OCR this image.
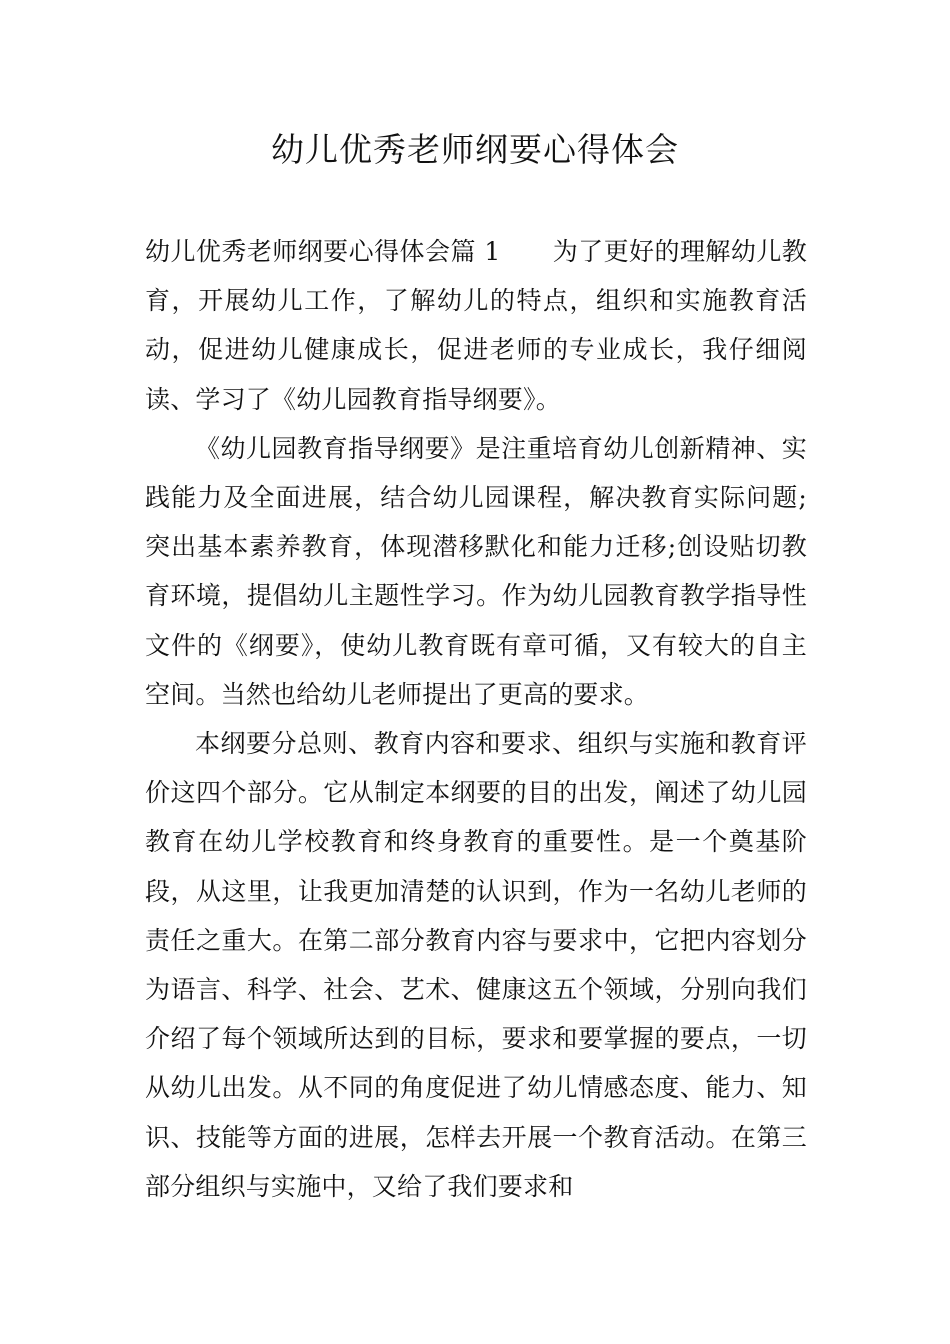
幼儿优秀老师纲要心得体会

幼儿优秀老师纲要心得体会篇 1 为了更好的理解幼儿教育，开展幼儿工作，了解幼儿的特点，组织和实施教育活动，促进幼儿健康成长，促进老师的专业成长，我仔细阅读、学习了《幼儿园教育指导纲要》。

《幼儿园教育指导纲要》是注重培育幼儿创新精神、实践能力及全面进展，结合幼儿园课程，解决教育实际问题;突出基本素养教育，体现潜移默化和能力迁移;创设贴切教育环境，提倡幼儿主题性学习。作为幼儿园教育教学指导性文件的《纲要》，使幼儿教育既有章可循，又有较大的自主空间。当然也给幼儿老师提出了更高的要求。

本纲要分总则、教育内容和要求、组织与实施和教育评价这四个部分。它从制定本纲要的目的出发，阐述了幼儿园教育在幼儿学校教育和终身教育的重要性。是一个奠基阶段，从这里，让我更加清楚的认识到，作为一名幼儿老师的责任之重大。在第二部分教育内容与要求中，它把内容划分为语言、科学、社会、艺术、健康这五个领域，分别向我们介绍了每个领域所达到的目标，要求和要掌握的要点，一切从幼儿出发。从不同的角度促进了幼儿情感态度、能力、知识、技能等方面的进展，怎样去开展一个教育活动。在第三部分组织与实施中，又给了我们要求和
